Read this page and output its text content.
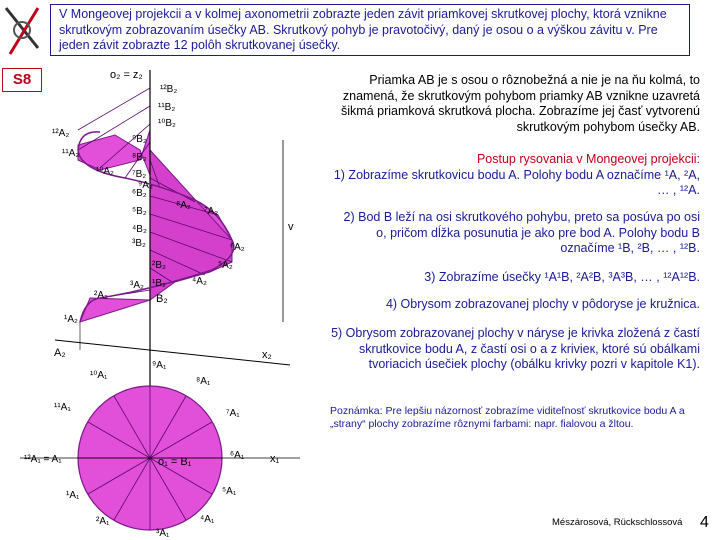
V Mongeovej projekcii a v kolmej axonometrii zobrazte jeden závit priamkovej skrutkovej plochy, ktorá vznikne skrutkovým zobrazovaním úsečky AB. Skrutkový pohyb je pravotočivý, daný je osou o a výškou závitu v. Pre jeden závit zobrazte 12 polôh skrutkovanej úsečky.
S8	o₂ = z₂
v
x₂
x₁
A₂
o₁ = B₁
B₂
¹²B₂
¹¹B₂
¹⁰B₂
⁹B₂
⁸B₂
⁷B₂
⁶B₂
⁵B₂
⁴B₂
³B₂
²B₂
¹B₂
¹²A₂
¹¹A₂
¹⁰A₂
⁹A₂
⁸A₂
⁷A₂
⁶A₂
⁵A₂
⁴A₂
³A₂
²A₂
¹A₂
¹²A₁ = A₁
¹¹A₁
¹⁰A₁
⁹A₁
⁸A₁
⁷A₁
⁶A₁
⁵A₁
⁴A₁
³A₁
²A₁
¹A₁
Priamka AB je s osou o rôznobežná a nie je na ňu kolmá, to znamená, že skrutkovým pohybom priamky AB vznikne uzavretá šikmá priamková skrutková plocha. Zobrazíme jej časť vytvorenú skrutkovým pohybom úsečky AB.
Postup rysovania v Mongeovej projekcii:
1) Zobrazíme skrutkovicu bodu A. Polohy bodu A označíme ¹A, ²A, … , ¹²A.
2) Bod B leží na osi skrutkového pohybu, preto sa posúva po osi o, pričom dĺžka posunutia je ako pre bod A. Polohy bodu B označíme ¹B, ²B, … , ¹²B.
3) Zobrazíme úsečky ¹A¹B, ²A²B, ³A³B, … , ¹²A¹²B.
4) Obrysom zobrazovanej plochy v pôdoryse je kružnica.
5) Obrysom zobrazovanej plochy v náryse je krivka zložená z častí skrutkovice bodu A, z častí osi o a z krivieк, ktoré sú obálkami tvoriacich úsečiek plochy (obálku krivky pozri v kapitole K1).
Poznámka: Pre lepšiu názornosť zobrazíme viditeľnosť skrutkovice bodu A a „strany“ plochy zobrazíme rôznymi farbami: napr. fialovou a žltou.
Mészárosová, Rückschlossová 4
